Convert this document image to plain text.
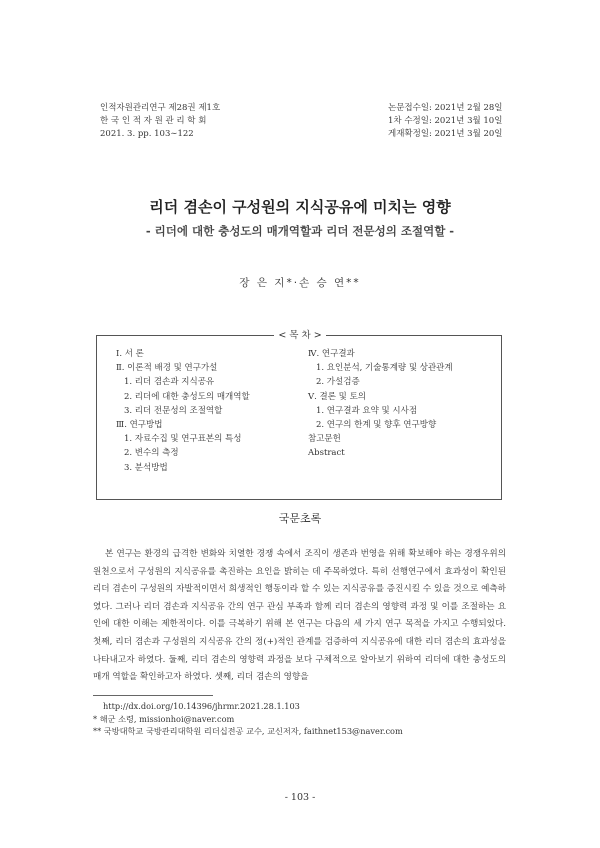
인적자원관리연구 제28권 제1호
한 국 인 적 자 원 관 리 학 회
2021. 3. pp. 103∼122
논문접수일: 2021년 2월 28일
1차 수정일: 2021년 3월 10일
게재확정일: 2021년 3월 20일
리더 겸손이 구성원의 지식공유에 미치는 영향
- 리더에 대한 충성도의 매개역할과 리더 전문성의 조절역할 -
장 은 지*·손 승 연**
< 목 차 >
Ⅰ. 서 론
Ⅱ. 이론적 배경 및 연구가설
1. 리더 겸손과 지식공유
2. 리더에 대한 충성도의 매개역할
3. 리더 전문성의 조절역할
Ⅲ. 연구방법
1. 자료수집 및 연구표본의 특성
2. 변수의 측정
3. 분석방법
Ⅳ. 연구결과
1. 요인분석, 기술통계량 및 상관관계
2. 가설검증
Ⅴ. 결론 및 토의
1. 연구결과 요약 및 시사점
2. 연구의 한계 및 향후 연구방향
참고문헌
Abstract
국문초록
본 연구는 환경의 급격한 변화와 치열한 경쟁 속에서 조직이 생존과 번영을 위해 확보해야 하는 경쟁우위의 원천으로서 구성원의 지식공유를 촉진하는 요인을 밝히는 데 주목하였다. 특히 선행연구에서 효과성이 확인된 리더 겸손이 구성원의 자발적이면서 희생적인 행동이라 할 수 있는 지식공유를 증진시킬 수 있을 것으로 예측하였다. 그러나 리더 겸손과 지식공유 간의 연구 관심 부족과 함께 리더 겸손의 영향력 과정 및 이를 조절하는 요인에 대한 이해는 제한적이다. 이를 극복하기 위해 본 연구는 다음의 세 가지 연구 목적을 가지고 수행되었다. 첫째, 리더 겸손과 구성원의 지식공유 간의 정(+)적인 관계를 검증하여 지식공유에 대한 리더 겸손의 효과성을 나타내고자 하였다. 둘째, 리더 겸손의 영향력 과정을 보다 구체적으로 알아보기 위하여 리더에 대한 충성도의 매개 역할을 확인하고자 하였다. 셋째, 리더 겸손의 영향을
http://dx.doi.org/10.14396/jhrmr.2021.28.1.103
* 해군 소령, missionhoi@naver.com
** 국방대학교 국방관리대학원 리더십전공 교수, 교신저자, faithnet153@naver.com
- 103 -
